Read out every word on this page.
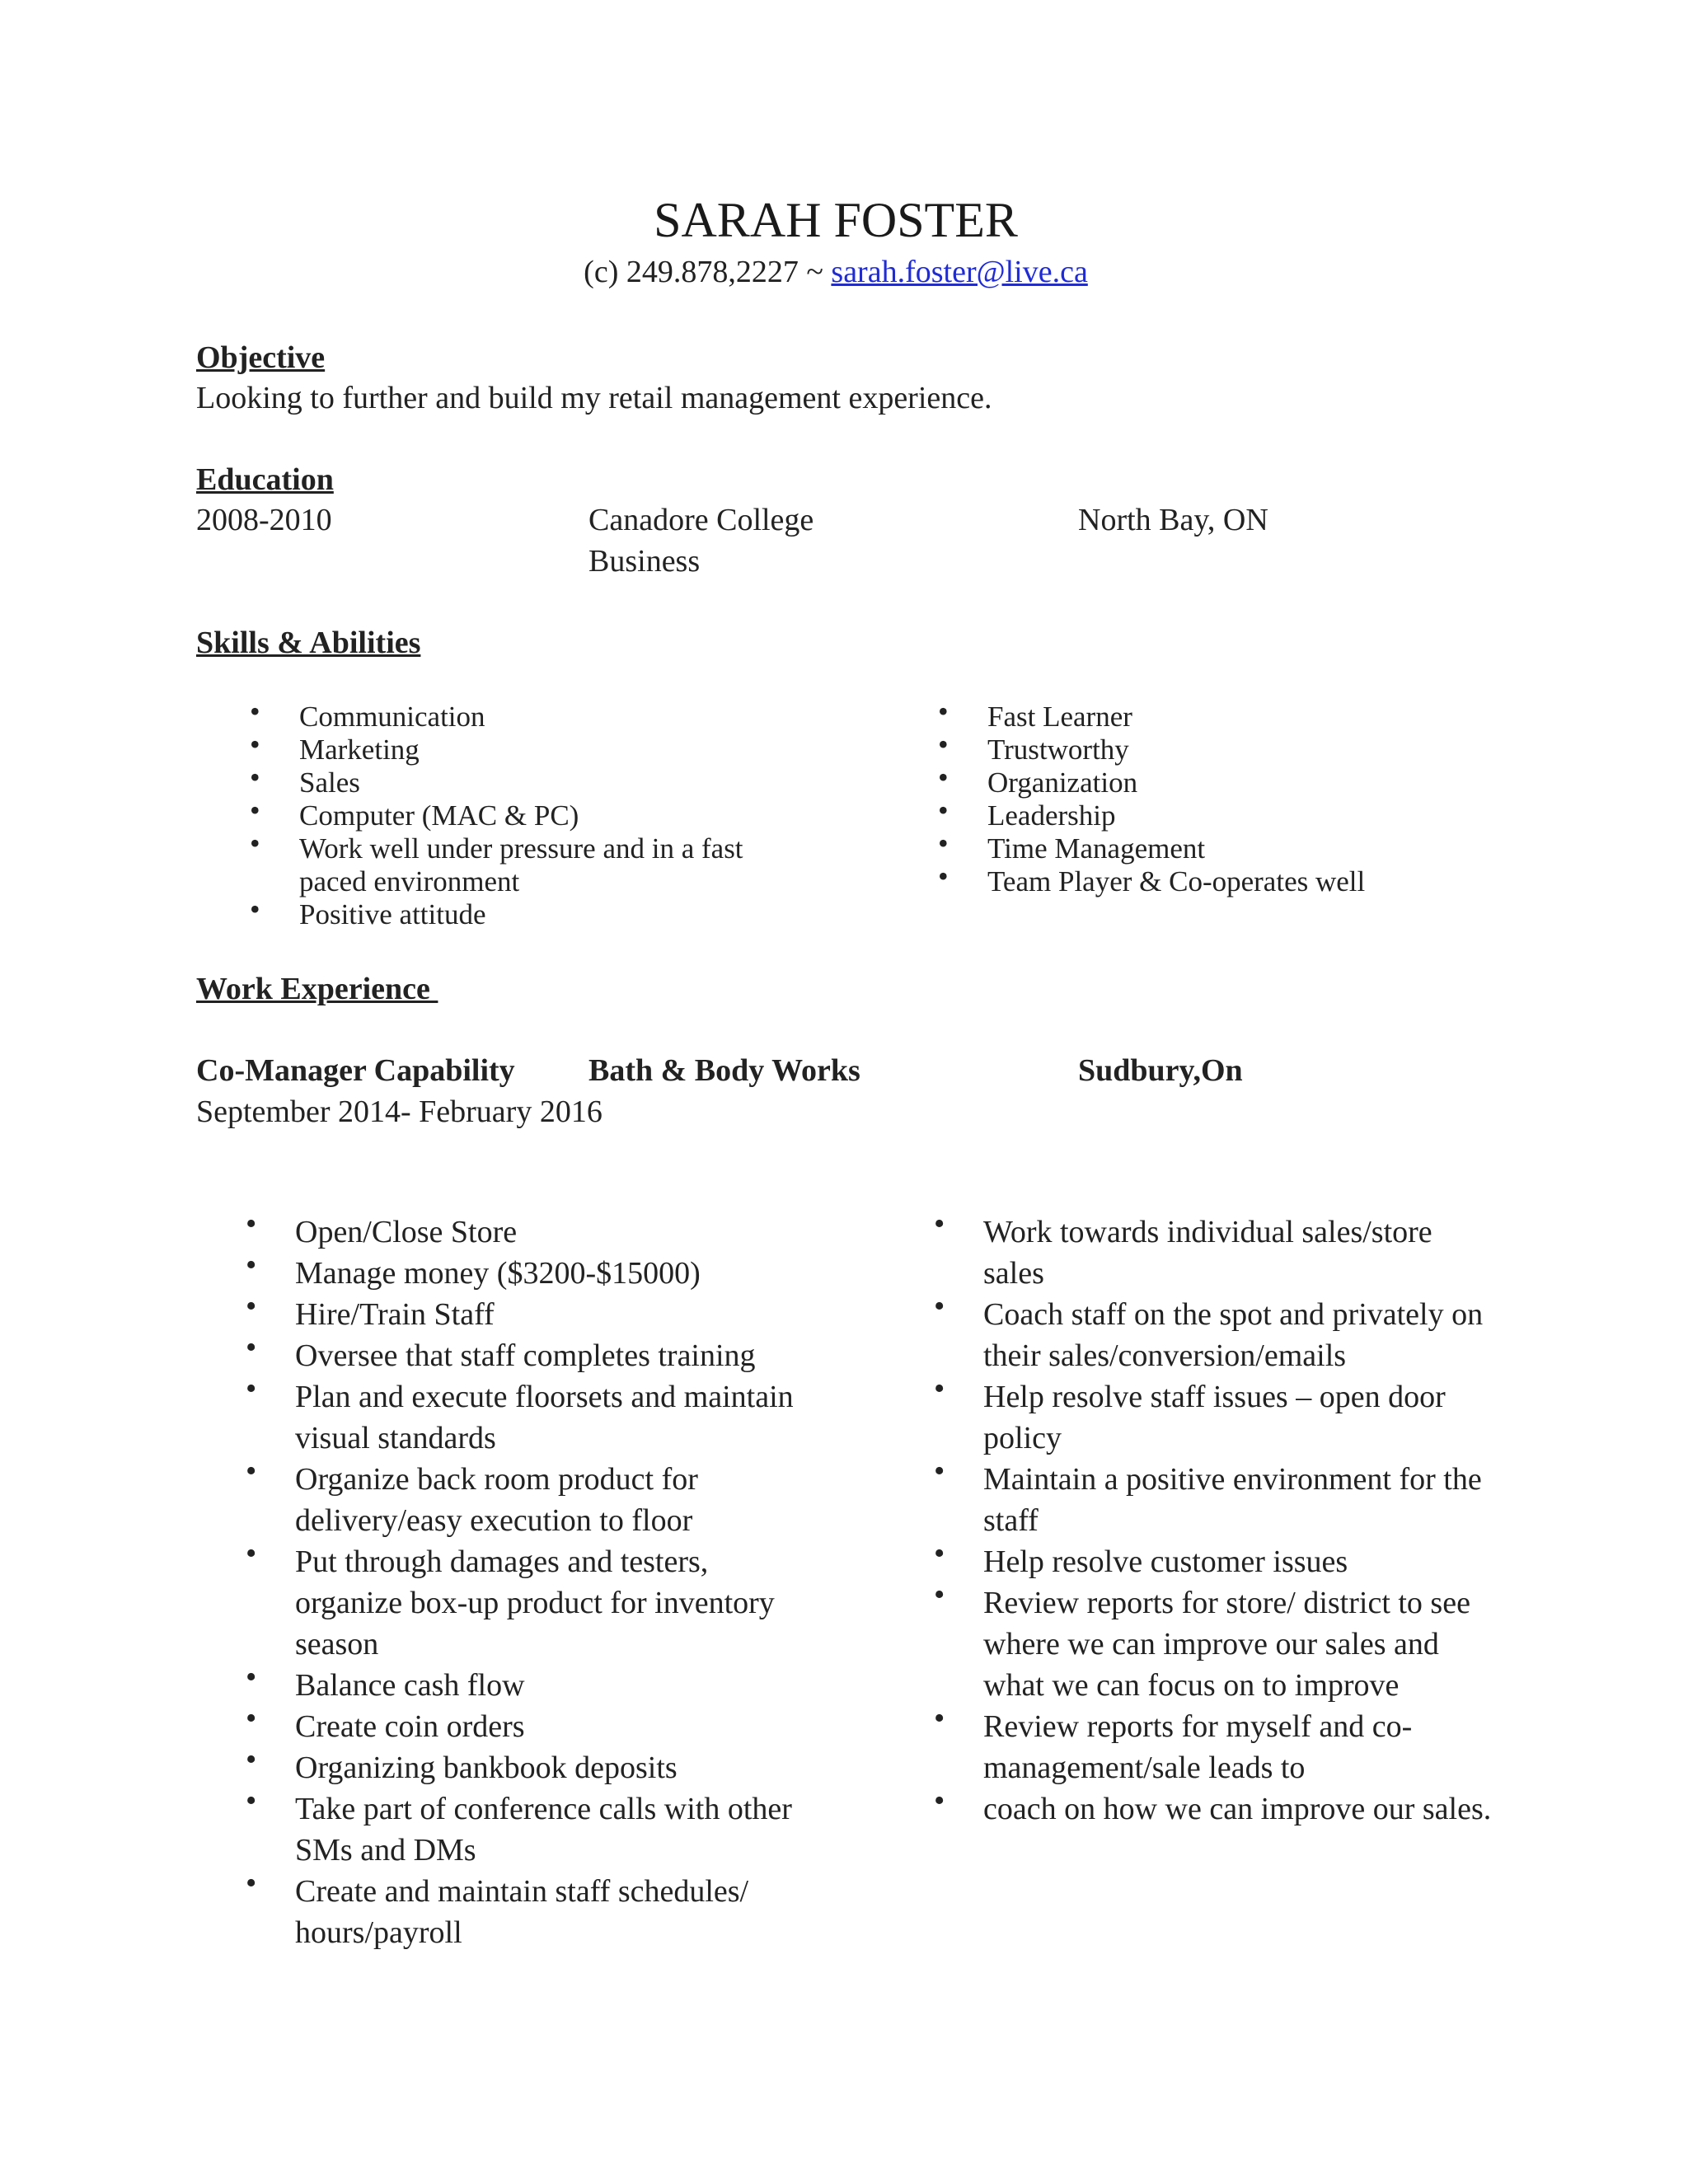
SARAH FOSTER
(c) 249.878,2227 ~ sarah.foster@live.ca
Objective
Looking to further and build my retail management experience.
Education
2008-2010	Canadore College	North Bay, ON
Business
Skills & Abilities
• Communication
• Marketing
• Sales
• Computer (MAC & PC)
• Work well under pressure and in a fast paced environment
• Positive attitude
• Fast Learner
• Trustworthy
• Organization
• Leadership
• Time Management
• Team Player & Co-operates well
Work Experience
Co-Manager Capability Bath & Body Works	Sudbury,On
September 2014- February 2016
• Open/Close Store
• Manage money ($3200-$15000)
• Hire/Train Staff
• Oversee that staff completes training
• Plan and execute floorsets and maintain visual standards
• Organize back room product for delivery/easy execution to floor
• Put through damages and testers, organize box-up product for inventory season
• Balance cash flow
• Create coin orders
• Organizing bankbook deposits
• Take part of conference calls with other SMs and DMs
• Create and maintain staff schedules/ hours/payroll
• Work towards individual sales/store sales
• Coach staff on the spot and privately on their sales/conversion/emails
• Help resolve staff issues – open door policy
• Maintain a positive environment for the staff
• Help resolve customer issues
• Review reports for store/ district to see where we can improve our sales and what we can focus on to improve
• Review reports for myself and co-management/sale leads to
• coach on how we can improve our sales.
